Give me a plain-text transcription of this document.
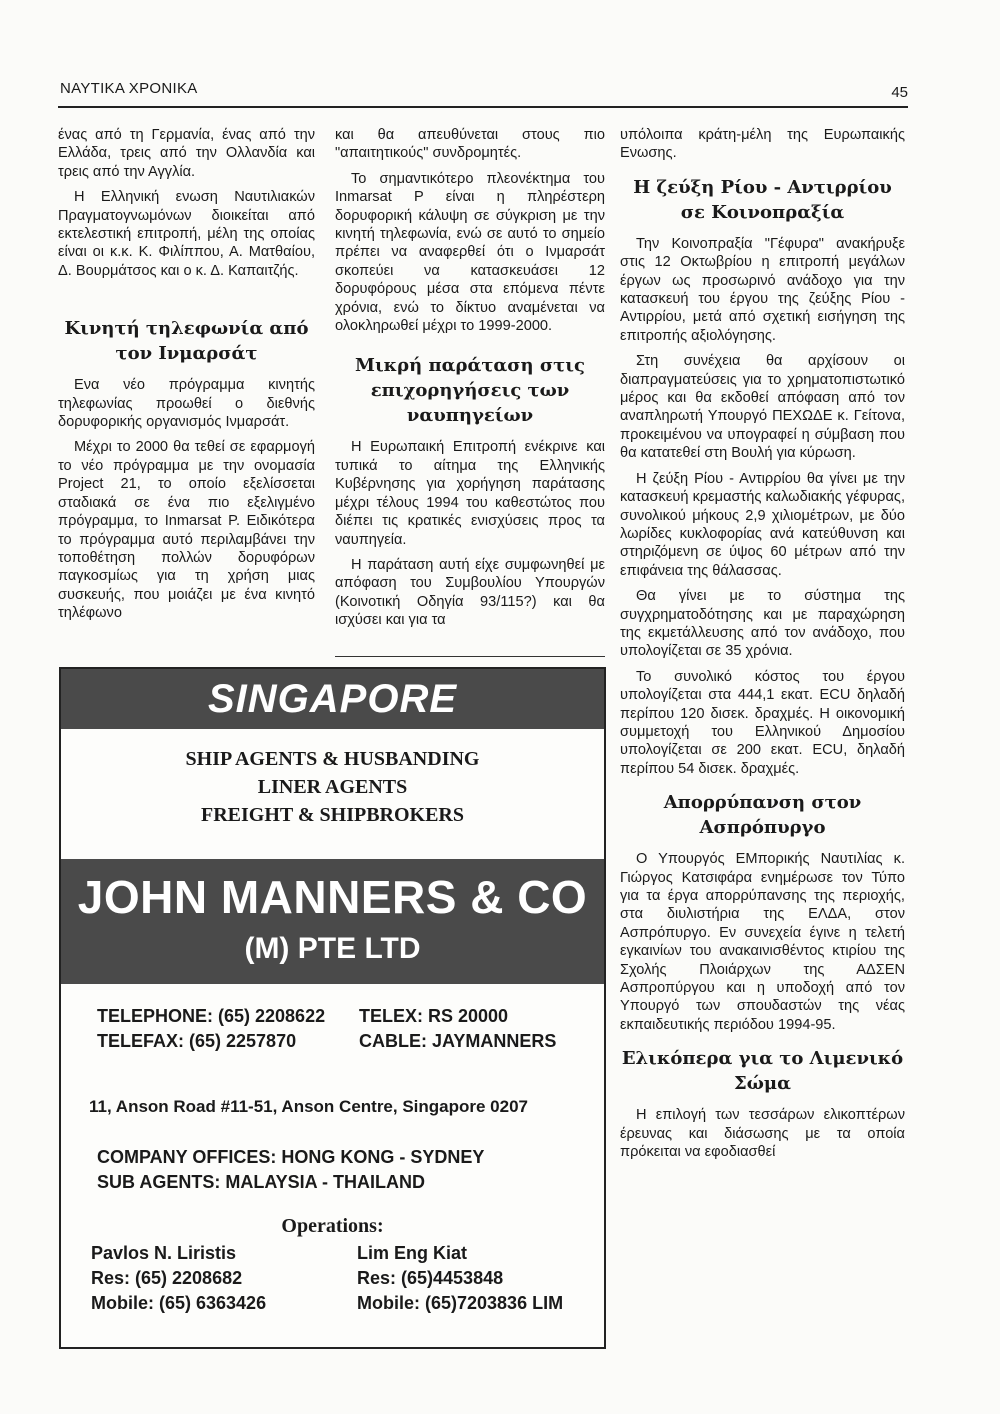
ΝΑΥΤΙΚΑ ΧΡΟΝΙΚΑ	45

ένας από τη Γερμανία, ένας από την Ελλάδα, τρεις από την Ολλανδία και τρεις από την Αγγλία.

Η Ελληνική ενωση Ναυτιλιακών Πραγματογνωμόνων διοικείται από εκτελεστική επιτροπή, μέλη της οποίας είναι οι κ.κ. Κ. Φιλίππου, Α. Ματθαίου, Δ. Βουρμάτσος και ο κ. Δ. Καπαιτζής.

Κινητή τηλεφωνία από τον Ινμαρσάτ

Ενα νέο πρόγραμμα κινητής τηλεφωνίας προωθεί ο διεθνής δορυφορικής οργανισμός Ινμαρσάτ.

Μέχρι το 2000 θα τεθεί σε εφαρμογή το νέο πρόγραμμα με την ονομασία Project 21, το οποίο εξελίσσεται σταδιακά σε ένα πιο εξελιγμένο πρόγραμμα, το Inmarsat P. Ειδικότερα το πρόγραμμα αυτό περιλαμβάνει την τοποθέτηση πολλών δορυφόρων παγκοσμίως για τη χρήση μιας συσκευής, που μοιάζει με ένα κινητό τηλέφωνο

και θα απευθύνεται στους πιο "απαιτητικούς" συνδρομητές.

Το σημαντικότερο πλεονέκτημα του Inmarsat P είναι η πληρέστερη δορυφορική κάλυψη σε σύγκριση με την κινητή τηλεφωνία, ενώ σε αυτό το σημείο πρέπει να αναφερθεί ότι ο Ινμαρσάτ σκοπεύει να κατασκευάσει 12 δορυφόρους μέσα στα επόμενα πέντε χρόνια, ενώ το δίκτυο αναμένεται να ολοκληρωθεί μέχρι το 1999-2000.

Μικρή παράταση στις επιχορηγήσεις των ναυπηγείων

Η Ευρωπαική Επιτροπή ενέκρινε και τυπικά το αίτημα της Ελληνικής Κυβέρνησης για χορήγηση παράτασης μέχρι τέλους 1994 του καθεστώτος που διέπει τις κρατικές ενισχύσεις προς τα ναυπηγεία.

Η παράταση αυτή είχε συμφωνηθεί με απόφαση του Συμβουλίου Υπουργών (Κοινοτική Οδηγία 93/115?) και θα ισχύσει και για τα

υπόλοιπα κράτη-μέλη της Ευρωπαικής Ενωσης.

Η ζεύξη Ρίου - Αντιρρίου σε Κοινοπραξία

Την Κοινοπραξία "Γέφυρα" ανακήρυξε στις 12 Οκτωβρίου η επιτροπή μεγάλων έργων ως προσωρινό ανάδοχο για την κατασκευή του έργου της ζεύξης Ρίου - Αντιρρίου, μετά από σχετική εισήγηση της επιτροπής αξιολόγησης.

Στη συνέχεια θα αρχίσουν οι διαπραγματεύσεις για το χρηματοπιστωτικό μέρος και θα εκδοθεί απόφαση από τον αναπληρωτή Υπουργό ΠΕΧΩΔΕ κ. Γείτονα, προκειμένου να υπογραφεί η σύμβαση που θα κατατεθεί στη Βουλή για κύρωση.

Η ζεύξη Ρίου - Αντιρρίου θα γίνει με την κατασκευή κρεμαστής καλωδιακής γέφυρας, συνολικού μήκους 2,9 χιλιομέτρων, με δύο λωρίδες κυκλοφορίας ανά κατεύθυνση και στηριζόμενη σε ύψος 60 μέτρων από την επιφάνεια της θάλασσας.

Θα γίνει με το σύστημα της συγχρηματοδότησης και με παραχώρηση της εκμετάλλευσης από τον ανάδοχο, που υπολογίζεται σε 35 χρόνια.

Το συνολικό κόστος του έργου υπολογίζεται στα 444,1 εκατ. ECU δηλαδή περίπου 120 δισεκ. δραχμές. Η οικονομική συμμετοχή του Ελληνικού Δημοσίου υπολογίζεται σε 200 εκατ. ECU, δηλαδή περίπου 54 δισεκ. δραχμές.

Απορρύπανση στον Ασπρόπυργο

Ο Υπουργός ΕΜπορικής Ναυτιλίας κ. Γιώργος Κατσιφάρα ενημέρωσε τον Τύπο για τα έργα απορρύπανσης της περιοχής, στα διυλιστήρια της ΕΛΔΑ, στον Ασπρόπυργο. Εν συνεχεία έγινε η τελετή εγκαινίων του ανακαινισθέντος κτιρίου της Σχολής Πλοιάρχων της ΑΔΣΕΝ Ασπροπύργου και η υποδοχή από τον Υπουργό των σπουδαστών της νέας εκπαιδευτικής περιόδου 1994-95.

Ελικόπερα για το Λιμενικό Σώμα

Η επιλογή των τεσσάρων ελικοπτέρων έρευνας και διάσωσης με τα οποία πρόκειται να εφοδιασθεί

SINGAPORE
SHIP AGENTS & HUSBANDING
LINER AGENTS
FREIGHT & SHIPBROKERS
JOHN MANNERS & CO
(M) PTE LTD
TELEPHONE: (65) 2208622 TELEX: RS 20000
TELEFAX: (65) 2257870	CABLE: JAYMANNERS
11, Anson Road #11-51, Anson Centre, Singapore 0207
COMPANY OFFICES: HONG KONG - SYDNEY
SUB AGENTS: MALAYSIA - THAILAND
Operations:
Pavlos N. Liristis
Res: (65) 2208682
Mobile: (65) 6363426
Lim Eng Kiat
Res: (65)4453848
Mobile: (65)7203836 LIM
